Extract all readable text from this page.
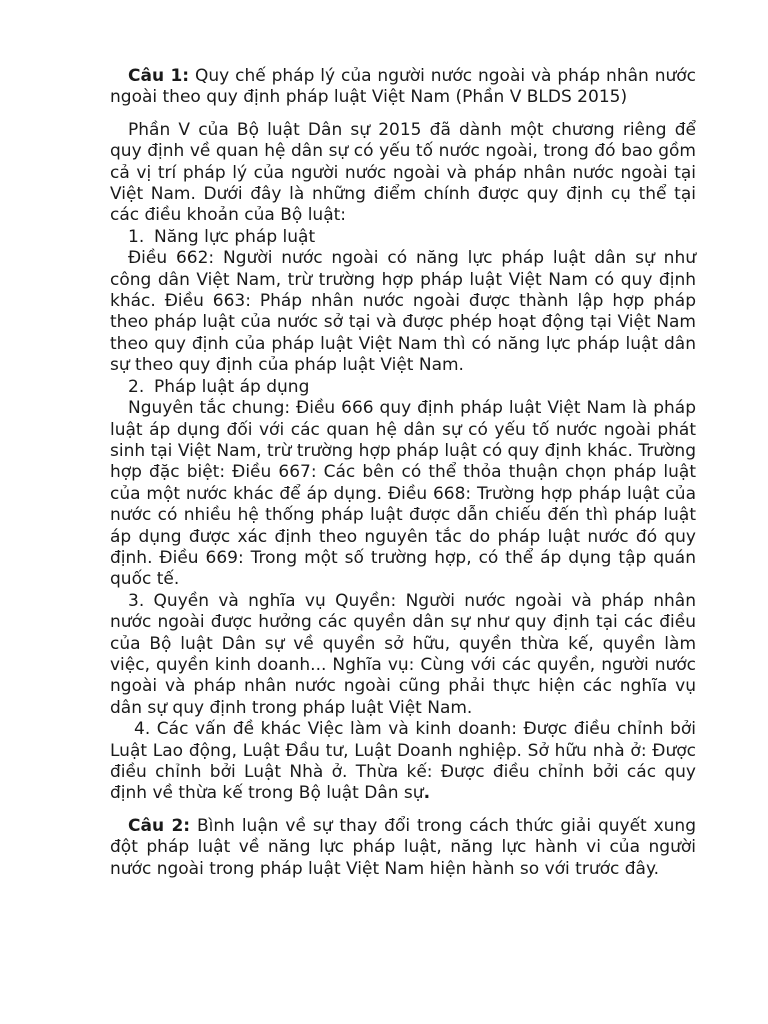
Câu 1: Quy chế pháp lý của người nước ngoài và pháp nhân nước ngoài theo quy định pháp luật Việt Nam (Phần V BLDS 2015)

Phần V của Bộ luật Dân sự 2015 đã dành một chương riêng để quy định về quan hệ dân sự có yếu tố nước ngoài, trong đó bao gồm cả vị trí pháp lý của người nước ngoài và pháp nhân nước ngoài tại Việt Nam. Dưới đây là những điểm chính được quy định cụ thể tại các điều khoản của Bộ luật:

1. Năng lực pháp luật

Điều 662: Người nước ngoài có năng lực pháp luật dân sự như công dân Việt Nam, trừ trường hợp pháp luật Việt Nam có quy định khác. Điều 663: Pháp nhân nước ngoài được thành lập hợp pháp theo pháp luật của nước sở tại và được phép hoạt động tại Việt Nam theo quy định của pháp luật Việt Nam thì có năng lực pháp luật dân sự theo quy định của pháp luật Việt Nam.

2. Pháp luật áp dụng

Nguyên tắc chung: Điều 666 quy định pháp luật Việt Nam là pháp luật áp dụng đối với các quan hệ dân sự có yếu tố nước ngoài phát sinh tại Việt Nam, trừ trường hợp pháp luật có quy định khác. Trường hợp đặc biệt: Điều 667: Các bên có thể thỏa thuận chọn pháp luật của một nước khác để áp dụng. Điều 668: Trường hợp pháp luật của nước có nhiều hệ thống pháp luật được dẫn chiếu đến thì pháp luật áp dụng được xác định theo nguyên tắc do pháp luật nước đó quy định. Điều 669: Trong một số trường hợp, có thể áp dụng tập quán quốc tế.

3. Quyền và nghĩa vụ Quyền: Người nước ngoài và pháp nhân nước ngoài được hưởng các quyền dân sự như quy định tại các điều của Bộ luật Dân sự về quyền sở hữu, quyền thừa kế, quyền làm việc, quyền kinh doanh... Nghĩa vụ: Cùng với các quyền, người nước ngoài và pháp nhân nước ngoài cũng phải thực hiện các nghĩa vụ dân sự quy định trong pháp luật Việt Nam.

4. Các vấn đề khác Việc làm và kinh doanh: Được điều chỉnh bởi Luật Lao động, Luật Đầu tư, Luật Doanh nghiệp. Sở hữu nhà ở: Được điều chỉnh bởi Luật Nhà ở. Thừa kế: Được điều chỉnh bởi các quy định về thừa kế trong Bộ luật Dân sự.

Câu 2: Bình luận về sự thay đổi trong cách thức giải quyết xung đột pháp luật về năng lực pháp luật, năng lực hành vi của người nước ngoài trong pháp luật Việt Nam hiện hành so với trước đây.
